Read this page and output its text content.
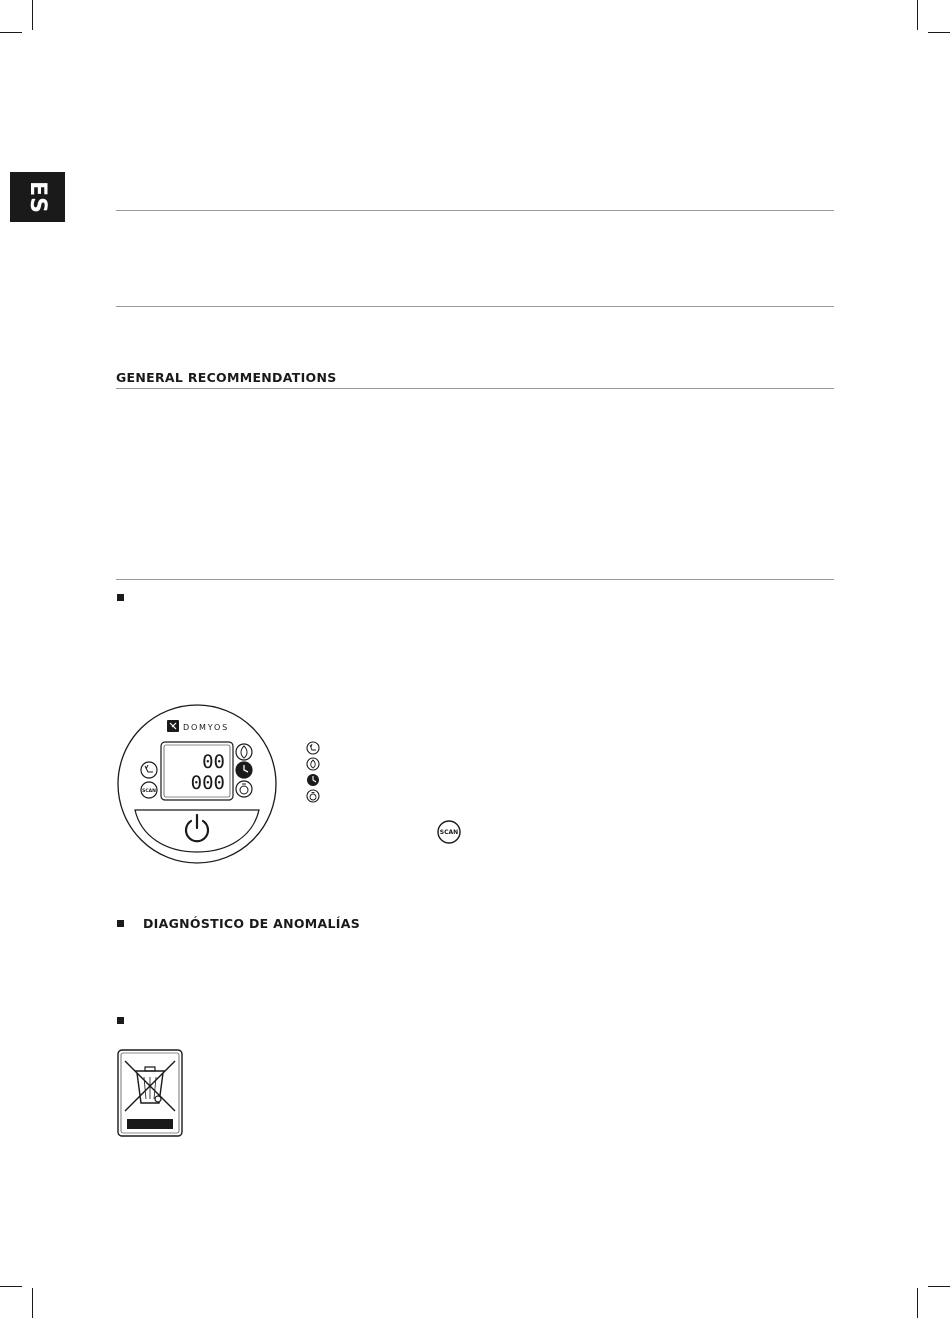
ES
GENERAL RECOMMENDATIONS
DOMYOS
00
000
SCAN
SCAN
DIAGNÓSTICO DE ANOMALÍAS
